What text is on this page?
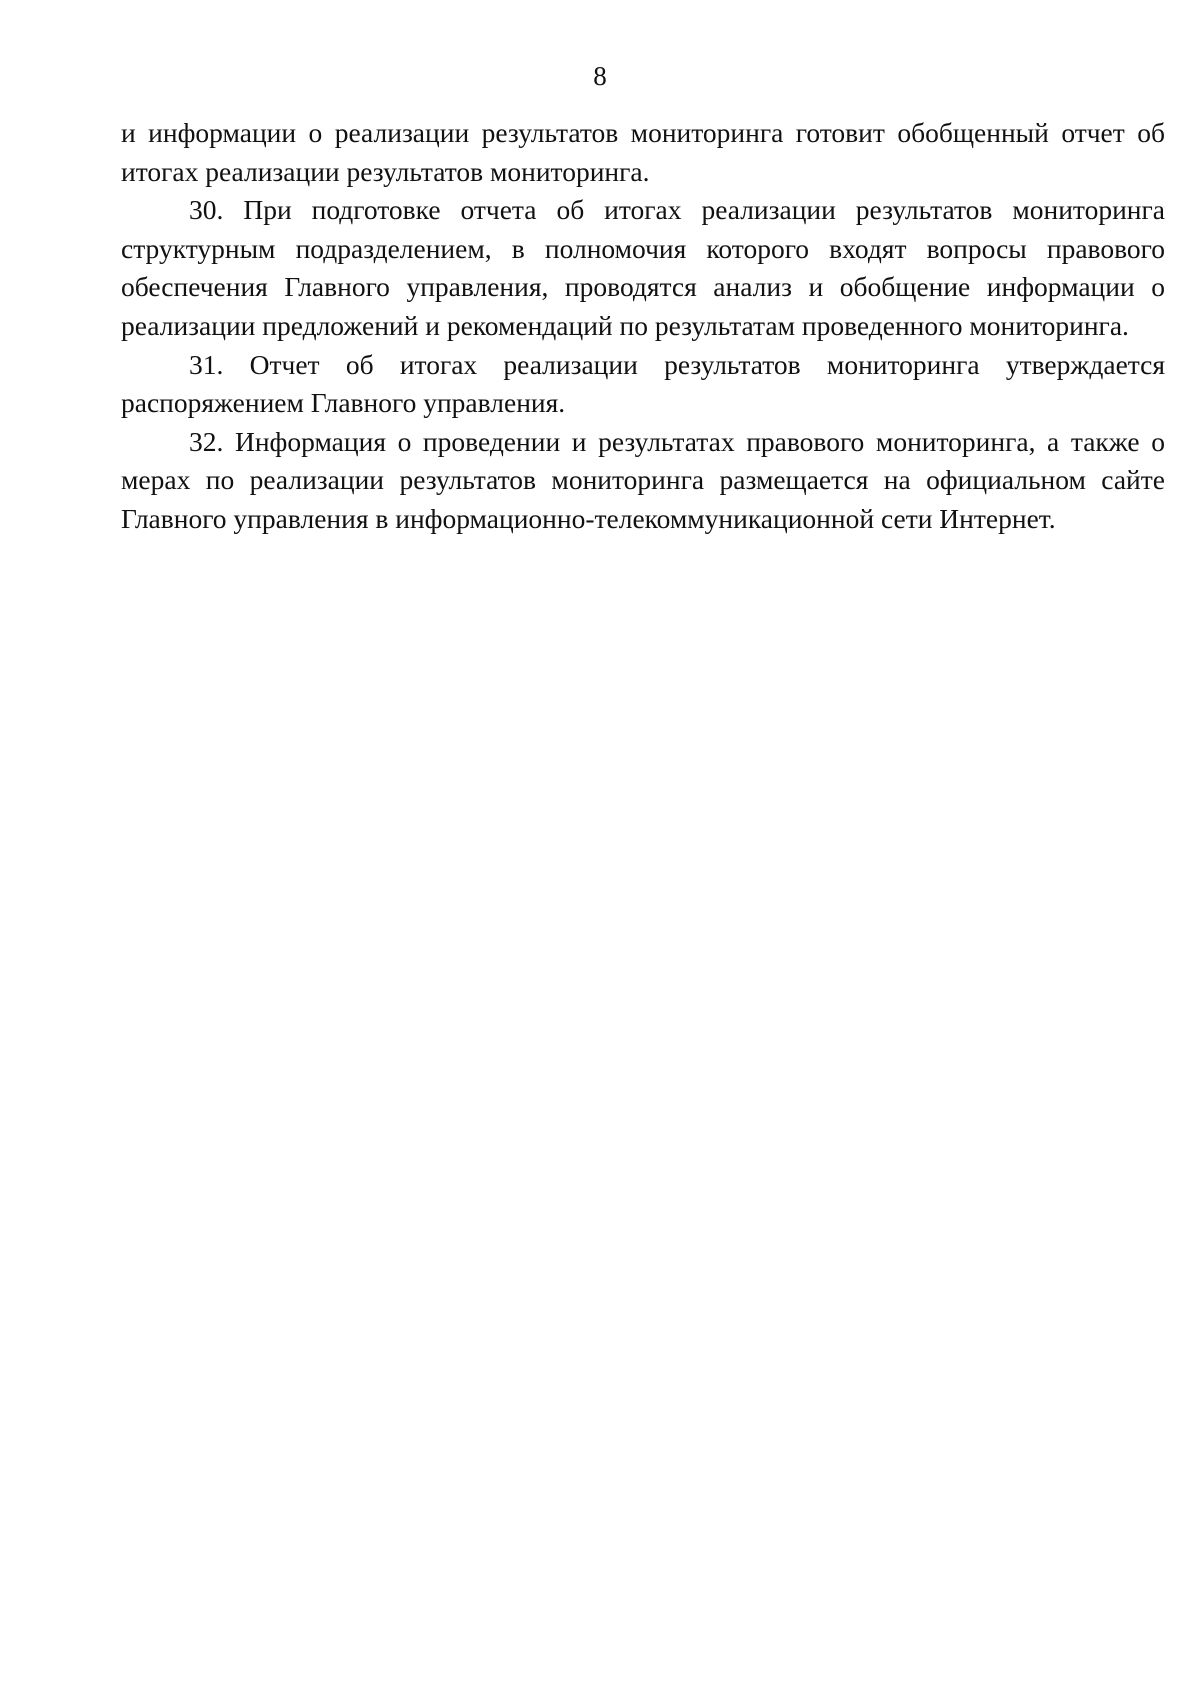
8

и информации о реализации результатов мониторинга готовит обобщенный отчет об итогах реализации результатов мониторинга.

30. При подготовке отчета об итогах реализации результатов мониторинга структурным подразделением, в полномочия которого входят вопросы правового обеспечения Главного управления, проводятся анализ и обобщение информации о реализации предложений и рекомендаций по результатам проведенного мониторинга.

31. Отчет об итогах реализации результатов мониторинга утверждается распоряжением Главного управления.

32. Информация о проведении и результатах правового мониторинга, а также о мерах по реализации результатов мониторинга размещается на официальном сайте Главного управления в информационно-телекоммуникационной сети Интернет.
